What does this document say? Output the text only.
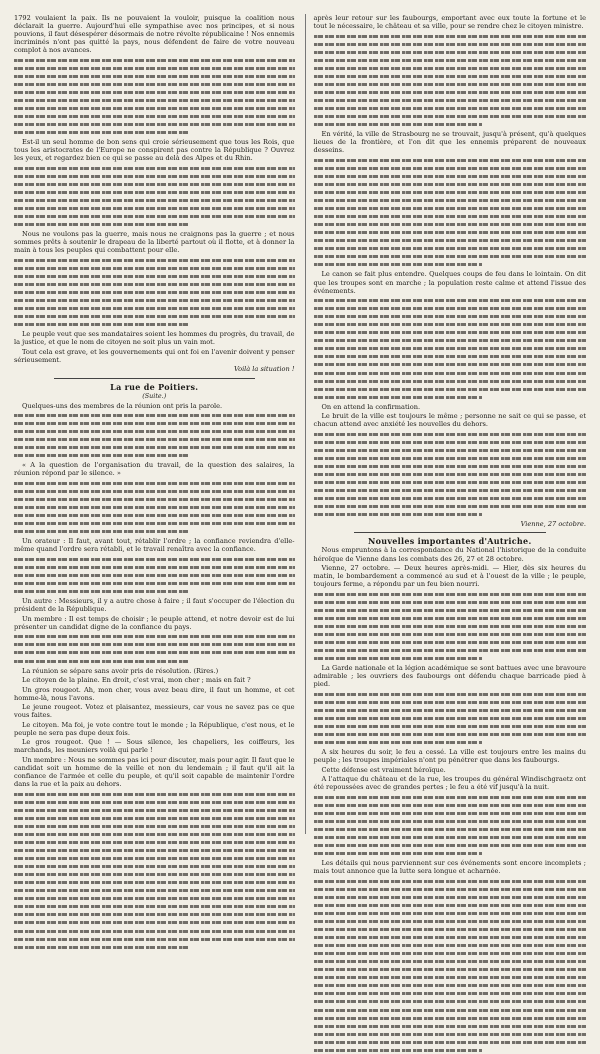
1792 voulaient la paix. Ils ne pouvaient la vouloir, puisque la coalition nous déclarait la guerre. Aujourd'hui elle sympathise avec nos principes, et si nous pouvions, il faut désespérer désormais de notre révolte républicaine ! Nos ennemis incriminés n'ont pas quitté la pays, nous défendent de faire de votre nouveau complot à nos avances.

Est-il un seul homme de bon sens qui croie sérieusement que tous les Rois, que tous les aristocrates de l'Europe ne conspirent pas contre la République ? Ouvrez les yeux, et regardez bien ce qui se passe au delà des Alpes et du Rhin.

Nous ne voulons pas la guerre, mais nous ne craignons pas la guerre ; et nous sommes prêts à soutenir le drapeau de la liberté partout où il flotte, et à donner la main à tous les peuples qui combattent pour elle.

Le peuple veut que ses mandataires soient les hommes du progrès, du travail, de la justice, et que le nom de citoyen ne soit plus un vain mot.

Tout cela est grave, et les gouvernements qui ont foi en l'avenir doivent y penser sérieusement.

Voilà la situation !

La rue de Poitiers.
(Suite.)

Quelques-uns des membres de la réunion ont pris la parole.

« A la question de l'organisation du travail, de la question des salaires, la réunion répond par le silence. »

Un orateur : Il faut, avant tout, rétablir l'ordre ; la confiance reviendra d'elle-même quand l'ordre sera rétabli, et le travail renaîtra avec la confiance.

Un autre : Messieurs, il y a autre chose à faire ; il faut s'occuper de l'élection du président de la République.

Un membre : Il est temps de choisir ; le peuple attend, et notre devoir est de lui présenter un candidat digne de la confiance du pays.

La réunion se sépare sans avoir pris de résolution. (Rires.)

Le citoyen de la plaine. En droit, c'est vrai, mon cher ; mais en fait ?

Un gros rougeot. Ah, mon cher, vous avez beau dire, il faut un homme, et cet homme-là, nous l'avons.

Le jeune rougeot. Votez et plaisantez, messieurs, car vous ne savez pas ce que vous faites.

Le citoyen. Ma foi, je vote contre tout le monde ; la République, c'est nous, et le peuple ne sera pas dupe deux fois.

Le gros rougeot. Que ! — Sous silence, les chapeliers, les coiffeurs, les marchands, les meuniers voilà qui parle !

Un membre : Nous ne sommes pas ici pour discuter, mais pour agir. Il faut que le candidat soit un homme de la veille et non du lendemain ; il faut qu'il ait la confiance de l'armée et celle du peuple, et qu'il soit capable de maintenir l'ordre dans la rue et la paix au dehors.

après leur retour sur les faubourgs, emportant avec eux toute la fortune et le tout le nécessaire, le château et sa ville, pour se rendre chez le citoyen ministre.

En vérité, la ville de Strasbourg ne se trouvait, jusqu'à présent, qu'à quelques lieues de la frontière, et l'on dit que les ennemis préparent de nouveaux desseins.

Le canon se fait plus entendre. Quelques coups de feu dans le lointain. On dit que les troupes sont en marche ; la population reste calme et attend l'issue des événements.

On en attend la confirmation.

Le bruit de la ville est toujours le même ; personne ne sait ce qui se passe, et chacun attend avec anxiété les nouvelles du dehors.

Vienne, 27 octobre.

Nouvelles importantes d'Autriche.

Nous empruntons à la correspondance du National l'historique de la conduite héroïque de Vienne dans les combats des 26, 27 et 28 octobre.

Vienne, 27 octobre. — Deux heures après-midi. — Hier, dès six heures du matin, le bombardement a commencé au sud et à l'ouest de la ville ; le peuple, toujours ferme, a répondu par un feu bien nourri.

La Garde nationale et la légion académique se sont battues avec une bravoure admirable ; les ouvriers des faubourgs ont défendu chaque barricade pied à pied.

A six heures du soir, le feu a cessé. La ville est toujours entre les mains du peuple ; les troupes impériales n'ont pu pénétrer que dans les faubourgs.

Cette défense est vraiment héroïque.

A l'attaque du château et de la rue, les troupes du général Windischgraetz ont été repoussées avec de grandes pertes ; le feu a été vif jusqu'à la nuit.

Les détails qui nous parviennent sur ces événements sont encore incomplets ; mais tout annonce que la lutte sera longue et acharnée.
